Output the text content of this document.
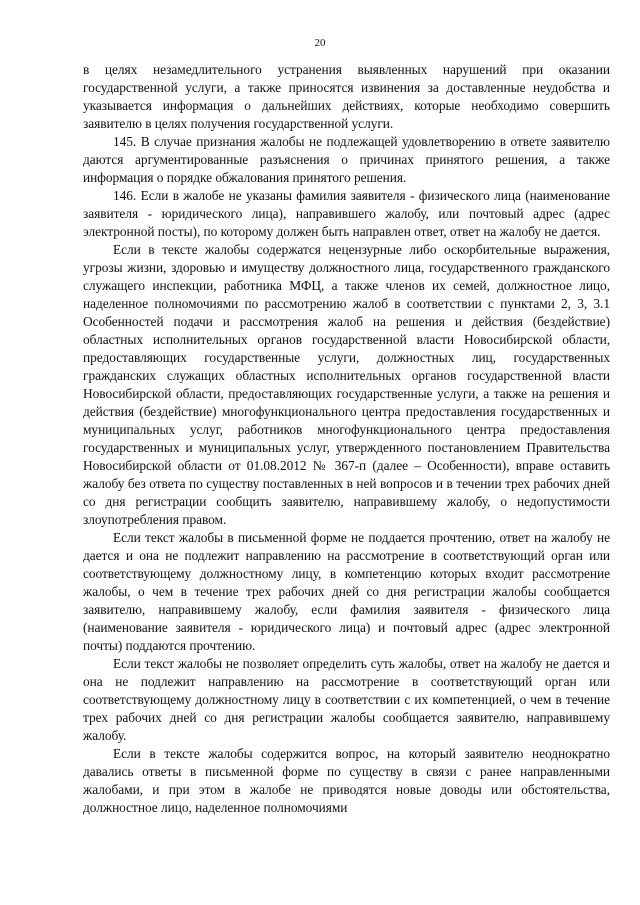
20

в целях незамедлительного устранения выявленных нарушений при оказании государственной услуги, а также приносятся извинения за доставленные неудобства и указывается информация о дальнейших действиях, которые необходимо совершить заявителю в целях получения государственной услуги.

145. В случае признания жалобы не подлежащей удовлетворению в ответе заявителю даются аргументированные разъяснения о причинах принятого решения, а также информация о порядке обжалования принятого решения.

146. Если в жалобе не указаны фамилия заявителя - физического лица (наименование заявителя - юридического лица), направившего жалобу, или почтовый адрес (адрес электронной посты), по которому должен быть направлен ответ, ответ на жалобу не дается.

Если в тексте жалобы содержатся нецензурные либо оскорбительные выражения, угрозы жизни, здоровью и имуществу должностного лица, государственного гражданского служащего инспекции, работника МФЦ, а также членов их семей, должностное лицо, наделенное полномочиями по рассмотрению жалоб в соответствии с пунктами 2, 3, 3.1 Особенностей подачи и рассмотрения жалоб на решения и действия (бездействие) областных исполнительных органов государственной власти Новосибирской области, предоставляющих государственные услуги, должностных лиц, государственных гражданских служащих областных исполнительных органов государственной власти Новосибирской области, предоставляющих государственные услуги, а также на решения и действия (бездействие) многофункционального центра предоставления государственных и муниципальных услуг, работников многофункционального центра предоставления государственных и муниципальных услуг, утвержденного постановлением Правительства Новосибирской области от 01.08.2012 № 367-п (далее – Особенности), вправе оставить жалобу без ответа по существу поставленных в ней вопросов и в течении трех рабочих дней со дня регистрации сообщить заявителю, направившему жалобу, о недопустимости злоупотребления правом.

Если текст жалобы в письменной форме не поддается прочтению, ответ на жалобу не дается и она не подлежит направлению на рассмотрение в соответствующий орган или соответствующему должностному лицу, в компетенцию которых входит рассмотрение жалобы, о чем в течение трех рабочих дней со дня регистрации жалобы сообщается заявителю, направившему жалобу, если фамилия заявителя - физического лица (наименование заявителя - юридического лица) и почтовый адрес (адрес электронной почты) поддаются прочтению.

Если текст жалобы не позволяет определить суть жалобы, ответ на жалобу не дается и она не подлежит направлению на рассмотрение в соответствующий орган или соответствующему должностному лицу в соответствии с их компетенцией, о чем в течение трех рабочих дней со дня регистрации жалобы сообщается заявителю, направившему жалобу.

Если в тексте жалобы содержится вопрос, на который заявителю неоднократно давались ответы в письменной форме по существу в связи с ранее направленными жалобами, и при этом в жалобе не приводятся новые доводы или обстоятельства, должностное лицо, наделенное полномочиями
